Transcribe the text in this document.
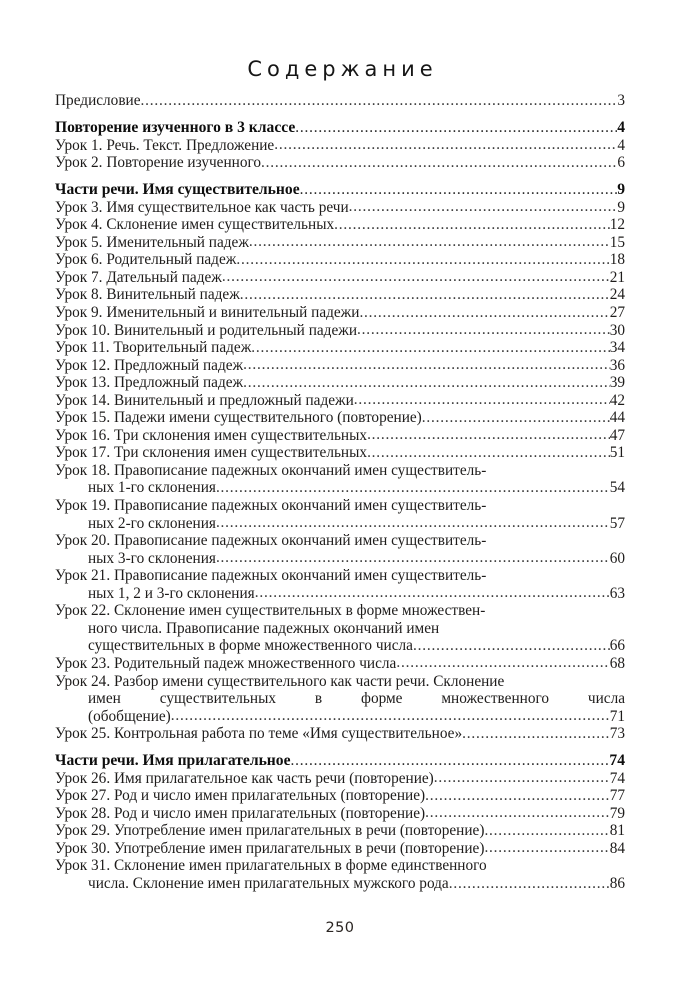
Содержание
Предисловие .....	3
Повторение изученного в 3 классе .....	4
Урок 1. Речь. Текст. Предложение .....	4
Урок 2. Повторение изученного .....	6
Части речи. Имя существительное .....	9
Урок 3. Имя существительное как часть речи .....	9
Урок 4. Склонение имен существительных .....	12
Урок 5. Именительный падеж .....	15
Урок 6. Родительный падеж .....	18
Урок 7. Дательный падеж .....	21
Урок 8. Винительный падеж .....	24
Урок 9. Именительный и винительный падежи .....	27
Урок 10. Винительный и родительный падежи .....	30
Урок 11. Творительный падеж .....	34
Урок 12. Предложный падеж .....	36
Урок 13. Предложный падеж .....	39
Урок 14. Винительный и предложный падежи .....	42
Урок 15. Падежи имени существительного (повторение) .....	44
Урок 16. Три склонения имен существительных .....	47
Урок 17. Три склонения имен существительных .....	51
Урок 18. Правописание падежных окончаний имен существитель-
ных 1-го склонения .....	54
Урок 19. Правописание падежных окончаний имен существитель-
ных 2-го склонения .....	57
Урок 20. Правописание падежных окончаний имен существитель-
ных 3-го склонения .....	60
Урок 21. Правописание падежных окончаний имен существитель-
ных 1, 2 и 3-го склонения .....	63
Урок 22. Склонение имен существительных в форме множествен-
ного числа. Правописание падежных окончаний имен
существительных в форме множественного числа .....	66
Урок 23. Родительный падеж множественного числа .....	68
Урок 24. Разбор имени существительного как части речи. Склонение
имен существительных в форме множественного числа
(обобщение) .....	71
Урок 25. Контрольная работа по теме «Имя существительное» .....	73
Части речи. Имя прилагательное .....	74
Урок 26. Имя прилагательное как часть речи (повторение) .....	74
Урок 27. Род и число имен прилагательных (повторение) .....	77
Урок 28. Род и число имен прилагательных (повторение) .....	79
Урок 29. Употребление имен прилагательных в речи (повторение) .....	81
Урок 30. Употребление имен прилагательных в речи (повторение) .....	84
Урок 31. Склонение имен прилагательных в форме единственного
числа. Склонение имен прилагательных мужского рода .....	86
250
